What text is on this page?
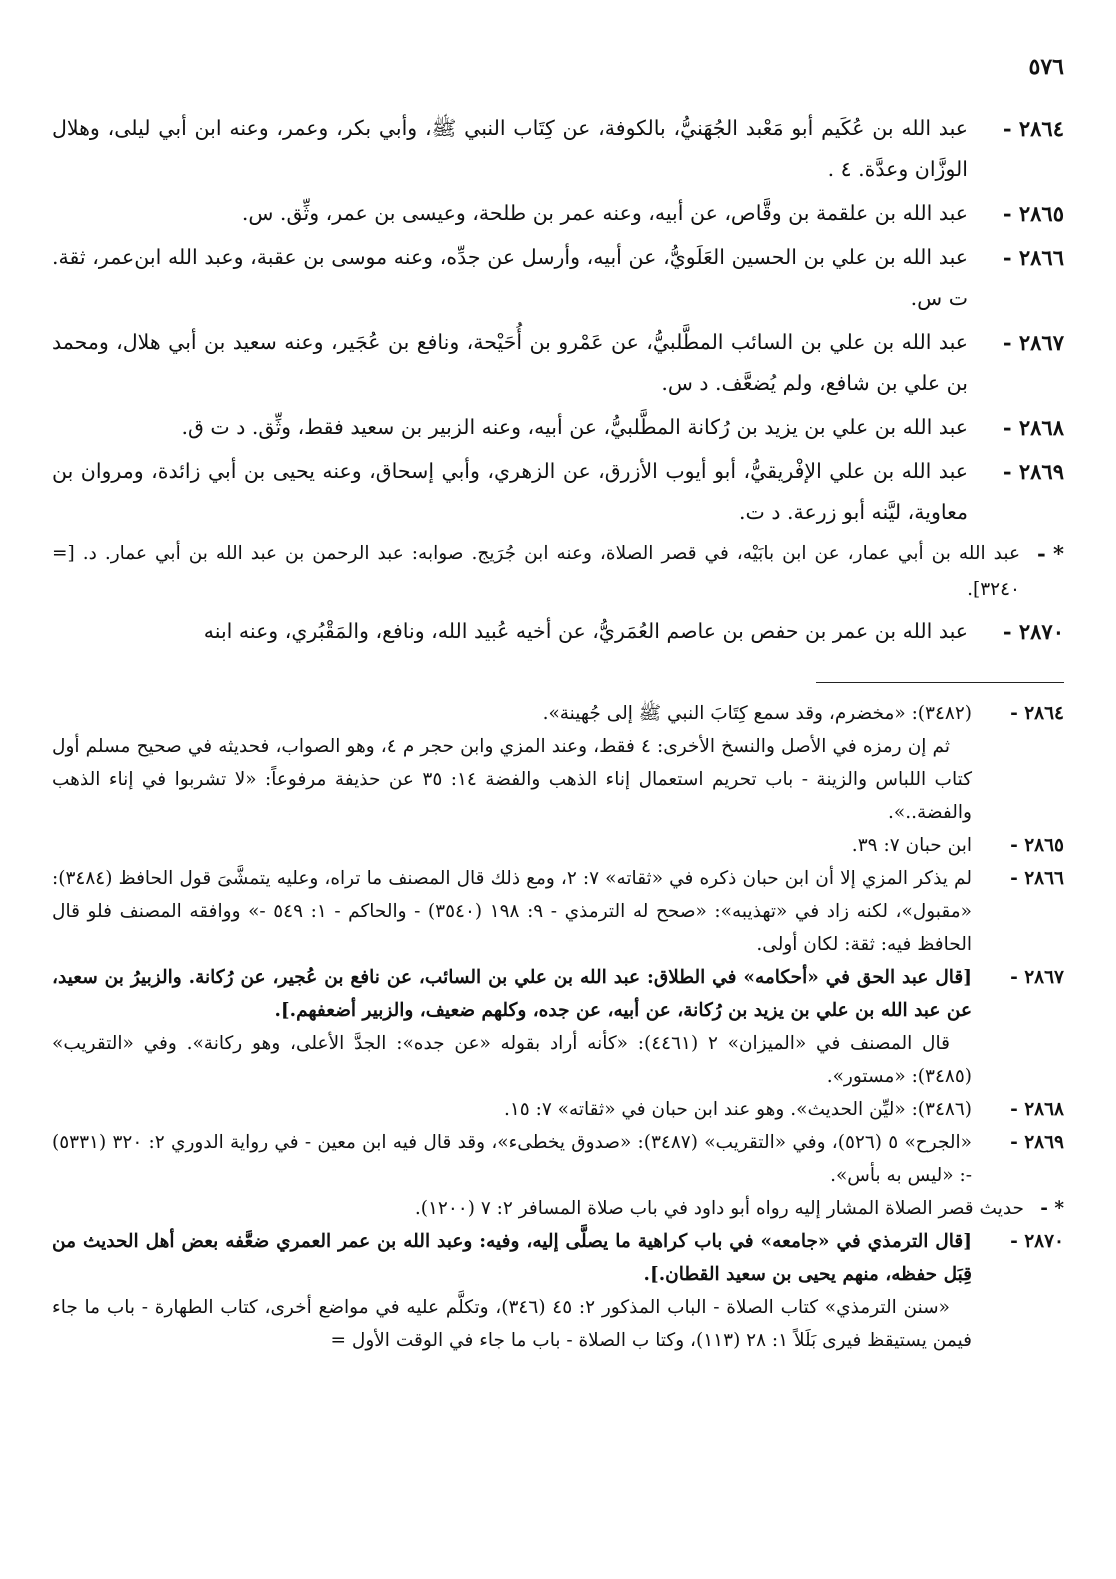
٥٧٦
٢٨٦٤ -
عبد الله بن عُكَيم أبو مَعْبد الجُهَنيُّ، بالكوفة، عن كِتَاب النبي ﷺ، وأبي بكر، وعمر، وعنه ابن أبي ليلى، وهلال الوزَّان وعدَّة. ٤ .
٢٨٦٥ -
عبد الله بن علقمة بن وقَّاص، عن أبيه، وعنه عمر بن طلحة، وعيسى بن عمر، وثِّق. س.
٢٨٦٦ -
عبد الله بن علي بن الحسين العَلَويُّ، عن أبيه، وأرسل عن جدِّه، وعنه موسى بن عقبة، وعبد الله ابن‌عمر، ثقة. ت س.
٢٨٦٧ -
عبد الله بن علي بن السائب المطَّلبيُّ، عن عَمْرو بن أُحَيْحة، ونافع بن عُجَير، وعنه سعيد بن أبي هلال، ومحمد بن علي بن شافع، ولم يُضعَّف. د س.
٢٨٦٨ -
عبد الله بن علي بن يزيد بن رُكانة المطَّلبيُّ، عن أبيه، وعنه الزبير بن سعيد فقط، وثِّق. د ت ق.
٢٨٦٩ -
عبد الله بن علي الإفْريقيُّ، أبو أيوب الأزرق، عن الزهري، وأبي إسحاق، وعنه يحيى بن أبي زائدة، ومروان بن معاوية، ليَّنه أبو زرعة. د ت.
* -
عبد الله بن أبي عمار، عن ابن بابَيْه، في قصر الصلاة، وعنه ابن جُرَيج. صوابه: عبد الرحمن بن عبد الله بن أبي عمار. د. [= ٣٢٤٠].
٢٨٧٠ -
عبد الله بن عمر بن حفص بن عاصم العُمَريُّ، عن أخيه عُبيد الله، ونافع، والمَقْبُري، وعنه ابنه
٢٨٦٤ -
(٣٤٨٢): «مخضرم، وقد سمع كِتَابَ النبي ﷺ إلى جُهينة».
ثم إن رمزه في الأصل والنسخ الأخرى: ٤ فقط، وعند المزي وابن حجر م ٤، وهو الصواب، فحديثه في صحيح مسلم أول كتاب اللباس والزينة - باب تحريم استعمال إناء الذهب والفضة ١٤: ٣٥ عن حذيفة مرفوعاً: «لا تشربوا في إناء الذهب والفضة..».
٢٨٦٥ -
ابن حبان ٧: ٣٩.
٢٨٦٦ -
لم يذكر المزي إلا أن ابن حبان ذكره في «ثقاته» ٧: ٢، ومع ذلك قال المصنف ما تراه، وعليه يتمشَّىَ قول الحافظ (٣٤٨٤): «مقبول»، لكنه زاد في «تهذيبه»: «صحح له الترمذي - ٩: ١٩٨ (٣٥٤٠) - والحاكم - ١: ٥٤٩ -» ووافقه المصنف فلو قال الحافظ فيه: ثقة: لكان أولى.
٢٨٦٧ -
[قال عبد الحق في «أحكامه» في الطلاق: عبد الله بن علي بن السائب، عن نافع بن عُجير، عن رُكانة. والزبيرُ بن سعيد، عن عبد الله بن علي بن يزيد بن رُكانة، عن أبيه، عن جده، وكلهم ضعيف، والزبير أضعفهم.].
قال المصنف في «الميزان» ٢ (٤٤٦١): «كأنه أراد بقوله «عن جده»: الجدَّ الأعلى، وهو ركانة». وفي «التقريب» (٣٤٨٥): «مستور».
٢٨٦٨ -
(٣٤٨٦): «ليِّن الحديث». وهو عند ابن حبان في «ثقاته» ٧: ١٥.
٢٨٦٩ -
«الجرح» ٥ (٥٢٦)، وفي «التقريب» (٣٤٨٧): «صدوق يخطىء»، وقد قال فيه ابن معين - في رواية الدوري ٢: ٣٢٠ (٥٣٣١) -: «ليس به بأس».
* -
حديث قصر الصلاة المشار إليه رواه أبو داود في باب صلاة المسافر ٢: ٧ (١٢٠٠).
٢٨٧٠ -
[قال الترمذي في «جامعه» في باب كراهية ما يصلَّى إليه، وفيه: وعبد الله بن عمر العمري ضعَّفه بعض أهل الحديث من قِبَل حفظه، منهم يحيى بن سعيد القطان.].
«سنن الترمذي» كتاب الصلاة - الباب المذكور ٢: ٤٥ (٣٤٦)، وتكلَّم عليه في مواضع أخرى، كتاب الطهارة - باب ما جاء فيمن يستيقظ فيرى بَلَلاً ١: ٢٨ (١١٣)، وكتا ب الصلاة - باب ما جاء في الوقت الأول =
